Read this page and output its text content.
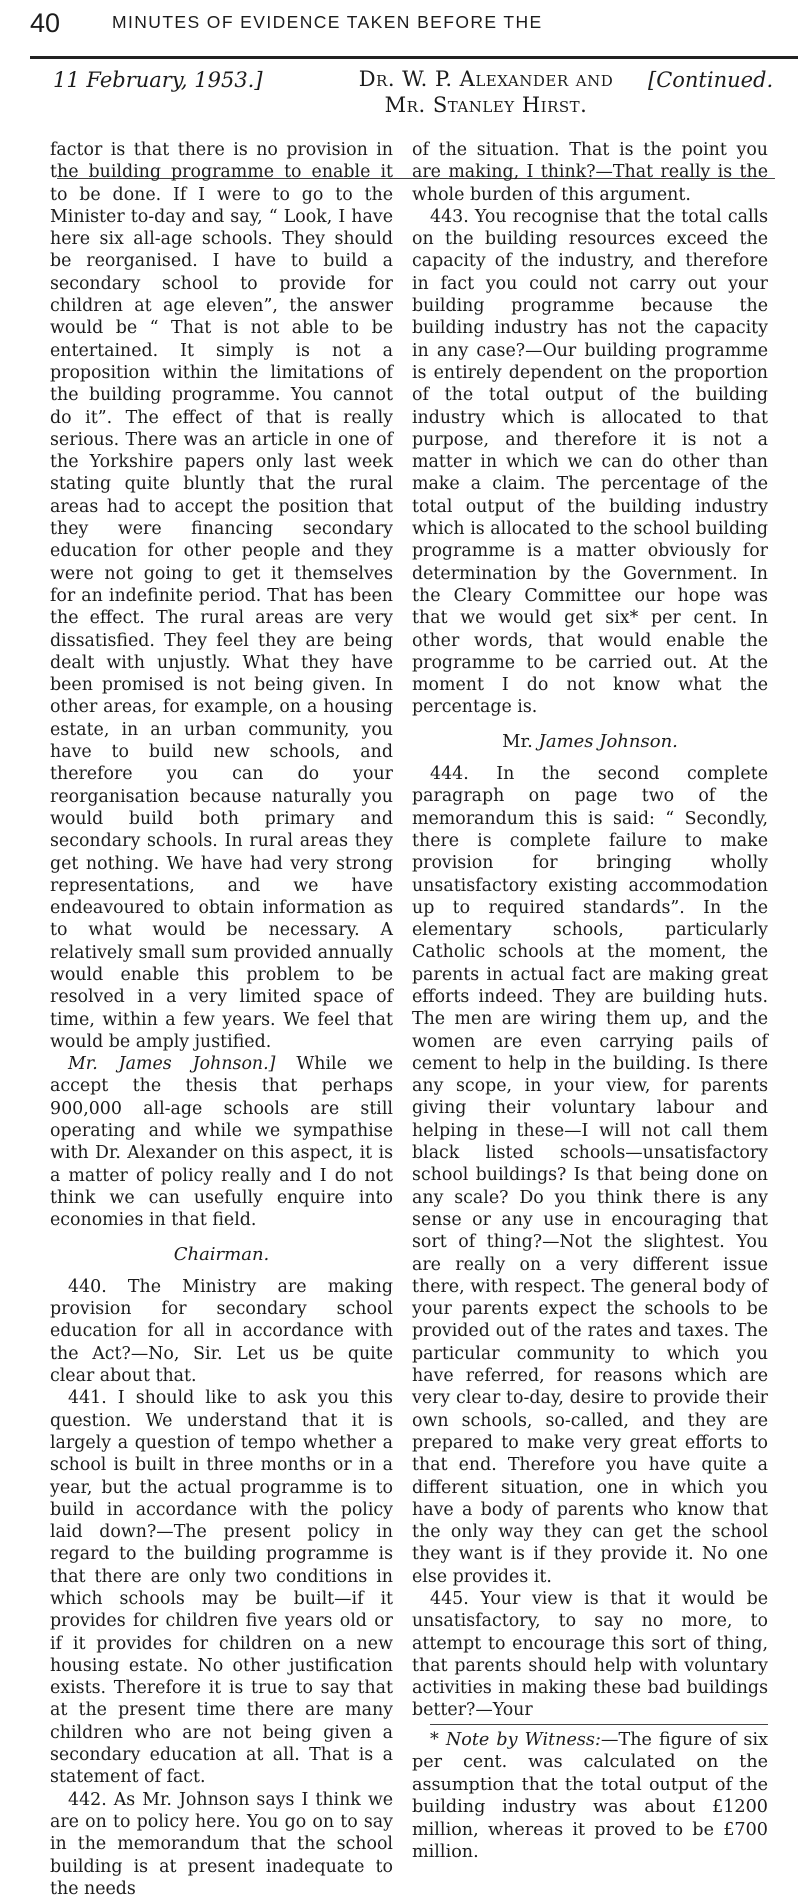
40	MINUTES OF EVIDENCE TAKEN BEFORE THE
11 February, 1953.]	Dr. W. P. Alexander and
Mr. Stanley Hirst.
[Continued.

factor is that there is no provision in the building programme to enable it to be done. If I were to go to the Minister to-day and say, “ Look, I have here six all-age schools. They should be reorganised. I have to build a secondary school to provide for children at age eleven”, the answer would be “ That is not able to be entertained. It simply is not a proposition within the limitations of the building programme. You cannot do it”. The effect of that is really serious. There was an article in one of the Yorkshire papers only last week stating quite bluntly that the rural areas had to accept the position that they were financing secondary education for other people and they were not going to get it themselves for an indefinite period. That has been the effect. The rural areas are very dissatisfied. They feel they are being dealt with unjustly. What they have been promised is not being given. In other areas, for example, on a housing estate, in an urban community, you have to build new schools, and therefore you can do your reorganisation because naturally you would build both primary and secondary schools. In rural areas they get nothing. We have had very strong representations, and we have endeavoured to obtain information as to what would be necessary. A relatively small sum provided annually would enable this problem to be resolved in a very limited space of time, within a few years. We feel that would be amply justified.

Mr. James Johnson.] While we accept the thesis that perhaps 900,000 all-age schools are still operating and while we sympathise with Dr. Alexander on this aspect, it is a matter of policy really and I do not think we can usefully enquire into economies in that field.

Chairman.

440. The Ministry are making provision for secondary school education for all in accordance with the Act?—No, Sir. Let us be quite clear about that.

441. I should like to ask you this question. We understand that it is largely a question of tempo whether a school is built in three months or in a year, but the actual programme is to build in accordance with the policy laid down?—The present policy in regard to the building programme is that there are only two conditions in which schools may be built—if it provides for children five years old or if it provides for children on a new housing estate. No other justification exists. Therefore it is true to say that at the present time there are many children who are not being given a secondary education at all. That is a statement of fact.

442. As Mr. Johnson says I think we are on to policy here. You go on to say in the memorandum that the school building is at present inadequate to the needs

of the situation. That is the point you are making, I think?—That really is the whole burden of this argument.

443. You recognise that the total calls on the building resources exceed the capacity of the industry, and therefore in fact you could not carry out your building programme because the building industry has not the capacity in any case?—Our building programme is entirely dependent on the proportion of the total output of the building industry which is allocated to that purpose, and therefore it is not a matter in which we can do other than make a claim. The percentage of the total output of the building industry which is allocated to the school building programme is a matter obviously for determination by the Government. In the Cleary Committee our hope was that we would get six* per cent. In other words, that would enable the programme to be carried out. At the moment I do not know what the percentage is.

Mr. James Johnson.

444. In the second complete paragraph on page two of the memorandum this is said: “ Secondly, there is complete failure to make provision for bringing wholly unsatisfactory existing accommodation up to required standards”. In the elementary schools, particularly Catholic schools at the moment, the parents in actual fact are making great efforts indeed. They are building huts. The men are wiring them up, and the women are even carrying pails of cement to help in the building. Is there any scope, in your view, for parents giving their voluntary labour and helping in these—I will not call them black listed schools—unsatisfactory school buildings? Is that being done on any scale? Do you think there is any sense or any use in encouraging that sort of thing?—Not the slightest. You are really on a very different issue there, with respect. The general body of your parents expect the schools to be provided out of the rates and taxes. The particular community to which you have referred, for reasons which are very clear to-day, desire to provide their own schools, so-called, and they are prepared to make very great efforts to that end. Therefore you have quite a different situation, one in which you have a body of parents who know that the only way they can get the school they want is if they provide it. No one else provides it.

445. Your view is that it would be unsatisfactory, to say no more, to attempt to encourage this sort of thing, that parents should help with voluntary activities in making these bad buildings better?—Your

* Note by Witness:—The figure of six per cent. was calculated on the assumption that the total output of the building industry was about £1200 million, whereas it proved to be £700 million.
